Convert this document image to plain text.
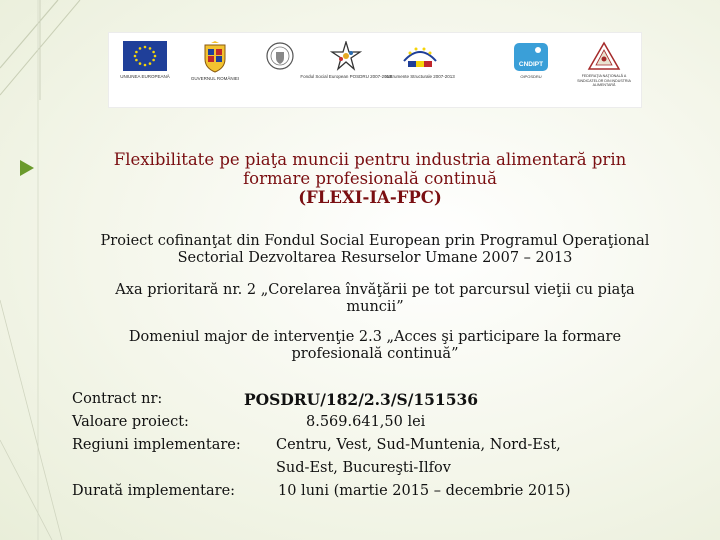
UNIUNEA EUROPEANĂ	GUVERNUL ROMÂNIEI	Fondul Social European POSDRU 2007-2013
Instrumente Structurale 2007-2013
CNDIPT
OIPOSDRU	FEDERAŢIA NAŢIONALĂ A SINDICATELOR DIN INDUSTRIA ALIMENTARĂ
Flexibilitate pe piaţa muncii pentru industria alimentară prin
formare profesională continuă
(FLEXI-IA-FPC)
Proiect cofinanţat din Fondul Social European prin Programul Operaţional
Sectorial Dezvoltarea Resurselor Umane 2007 – 2013
Axa prioritară nr. 2 „Corelarea învăţării pe tot parcursul vieţii cu piaţa
muncii”
Domeniul major de intervenţie 2.3 „Acces şi participare la formare
profesională continuă”
Contract nr:	POSDRU/182/2.3/S/151536
Valoare proiect:	8.569.641,50 lei
Regiuni implementare:	Centru, Vest, Sud-Muntenia, Nord-Est,
Sud-Est, Bucureşti-Ilfov
Durată implementare:	10 luni (martie 2015 – decembrie 2015)
